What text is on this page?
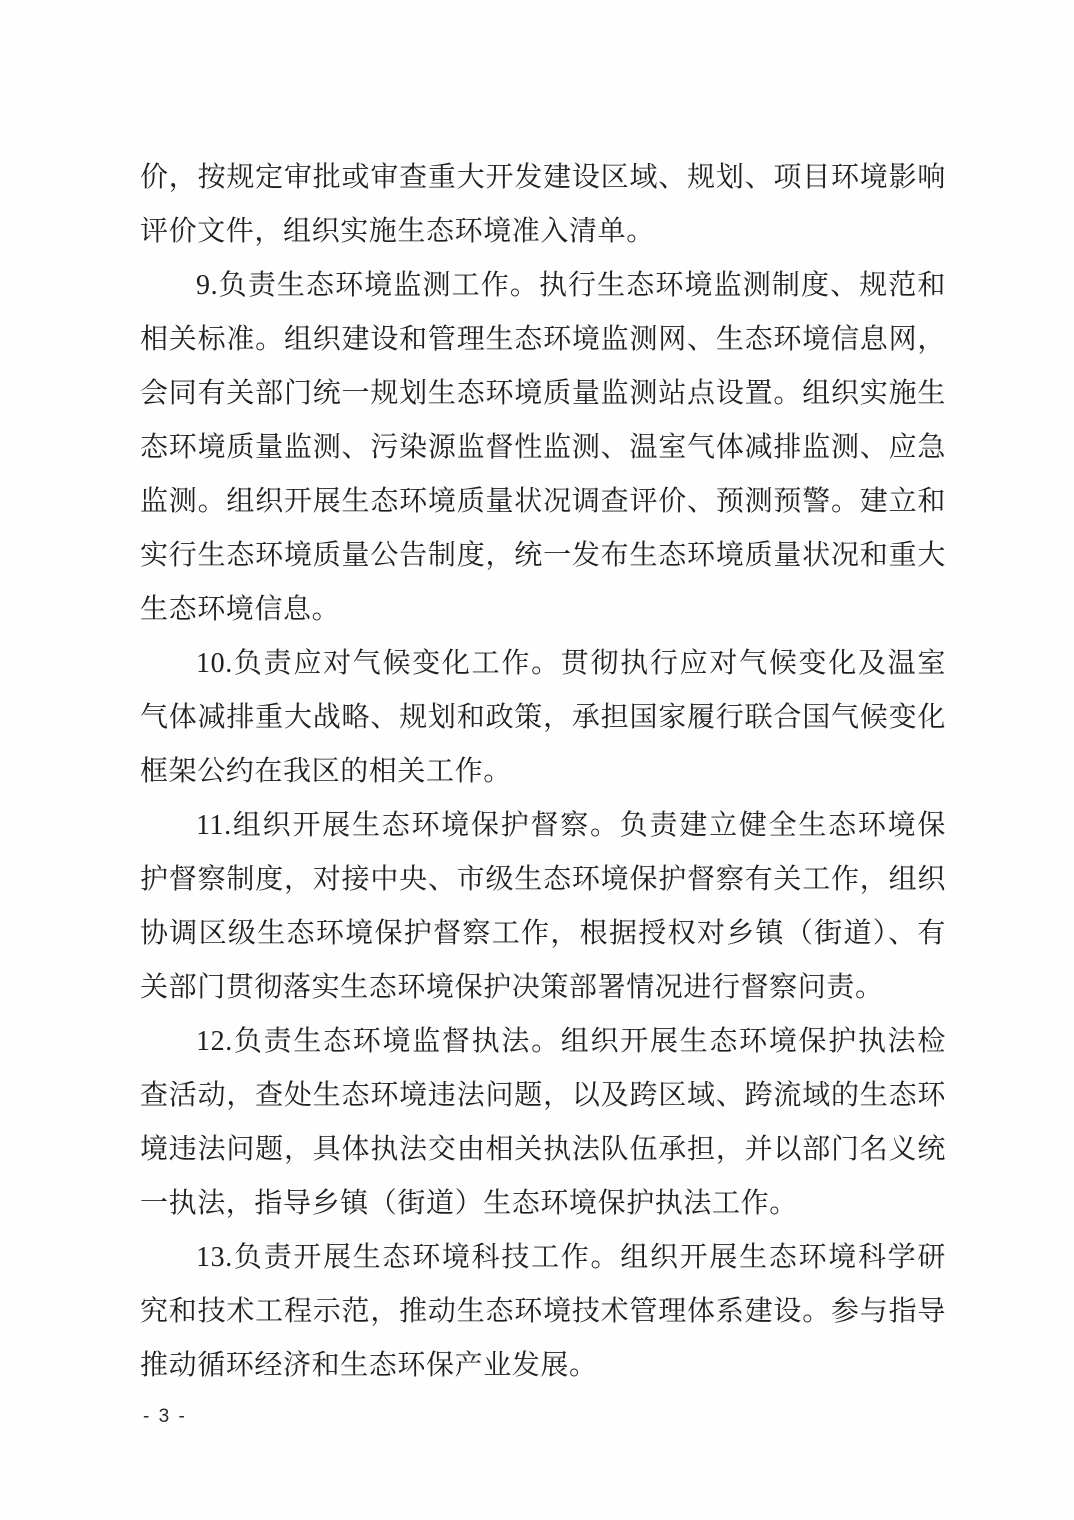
价，按规定审批或审查重大开发建设区域、规划、项目环境影响评价文件，组织实施生态环境准入清单。

9.负责生态环境监测工作。执行生态环境监测制度、规范和相关标准。组织建设和管理生态环境监测网、生态环境信息网，会同有关部门统一规划生态环境质量监测站点设置。组织实施生态环境质量监测、污染源监督性监测、温室气体减排监测、应急监测。组织开展生态环境质量状况调查评价、预测预警。建立和实行生态环境质量公告制度，统一发布生态环境质量状况和重大生态环境信息。

10.负责应对气候变化工作。贯彻执行应对气候变化及温室气体减排重大战略、规划和政策，承担国家履行联合国气候变化框架公约在我区的相关工作。

11.组织开展生态环境保护督察。负责建立健全生态环境保护督察制度，对接中央、市级生态环境保护督察有关工作，组织协调区级生态环境保护督察工作，根据授权对乡镇（街道）、有关部门贯彻落实生态环境保护决策部署情况进行督察问责。

12.负责生态环境监督执法。组织开展生态环境保护执法检查活动，查处生态环境违法问题，以及跨区域、跨流域的生态环境违法问题，具体执法交由相关执法队伍承担，并以部门名义统一执法，指导乡镇（街道）生态环境保护执法工作。

13.负责开展生态环境科技工作。组织开展生态环境科学研究和技术工程示范，推动生态环境技术管理体系建设。参与指导推动循环经济和生态环保产业发展。

- 3 -
